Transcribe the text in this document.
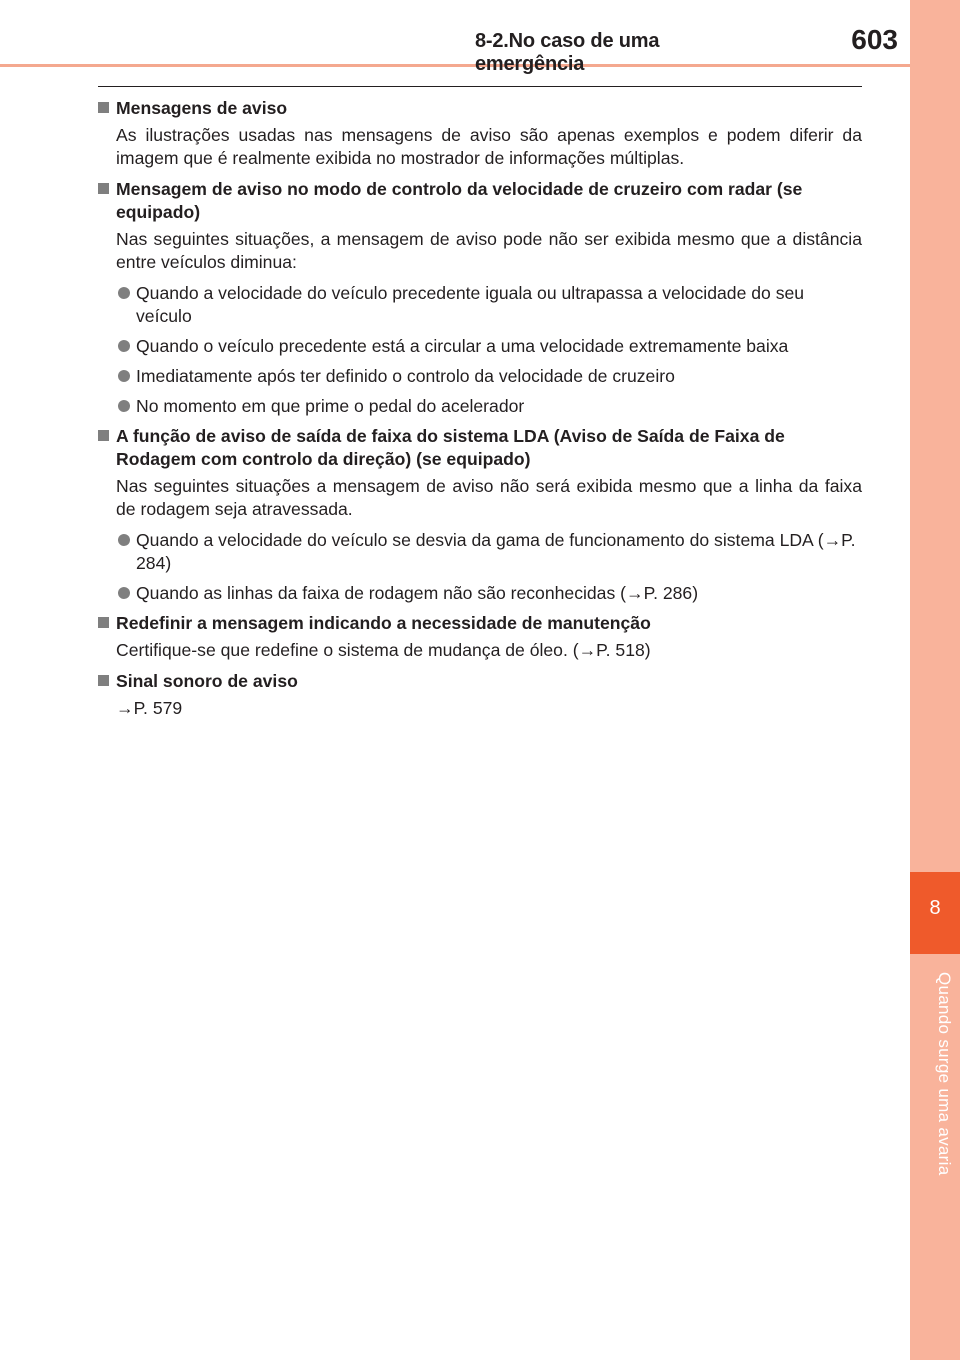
8-2.No caso de uma emergência
603
8
Quando surge uma avaria
Mensagens de aviso
As ilustrações usadas nas mensagens de aviso são apenas exemplos e podem diferir da imagem que é realmente exibida no mostrador de informações múltiplas.
Mensagem de aviso no modo de controlo da velocidade de cruzeiro com radar (se equipado)
Nas seguintes situações, a mensagem de aviso pode não ser exibida mesmo que a distância entre veículos diminua:
Quando a velocidade do veículo precedente iguala ou ultrapassa a velocidade do seu veículo
Quando o veículo precedente está a circular a uma velocidade extremamente baixa
Imediatamente após ter definido o controlo da velocidade de cruzeiro
No momento em que prime o pedal do acelerador
A função de aviso de saída de faixa do sistema LDA (Aviso de Saída de Faixa de Rodagem com controlo da direção) (se equipado)
Nas seguintes situações a mensagem de aviso não será exibida mesmo que a linha da faixa de rodagem seja atravessada.
Quando a velocidade do veículo se desvia da gama de funcionamento do sistema LDA (→P. 284)
Quando as linhas da faixa de rodagem não são reconhecidas (→P. 286)
Redefinir a mensagem indicando a necessidade de manutenção
Certifique-se que redefine o sistema de mudança de óleo. (→P. 518)
Sinal sonoro de aviso
→P. 579
